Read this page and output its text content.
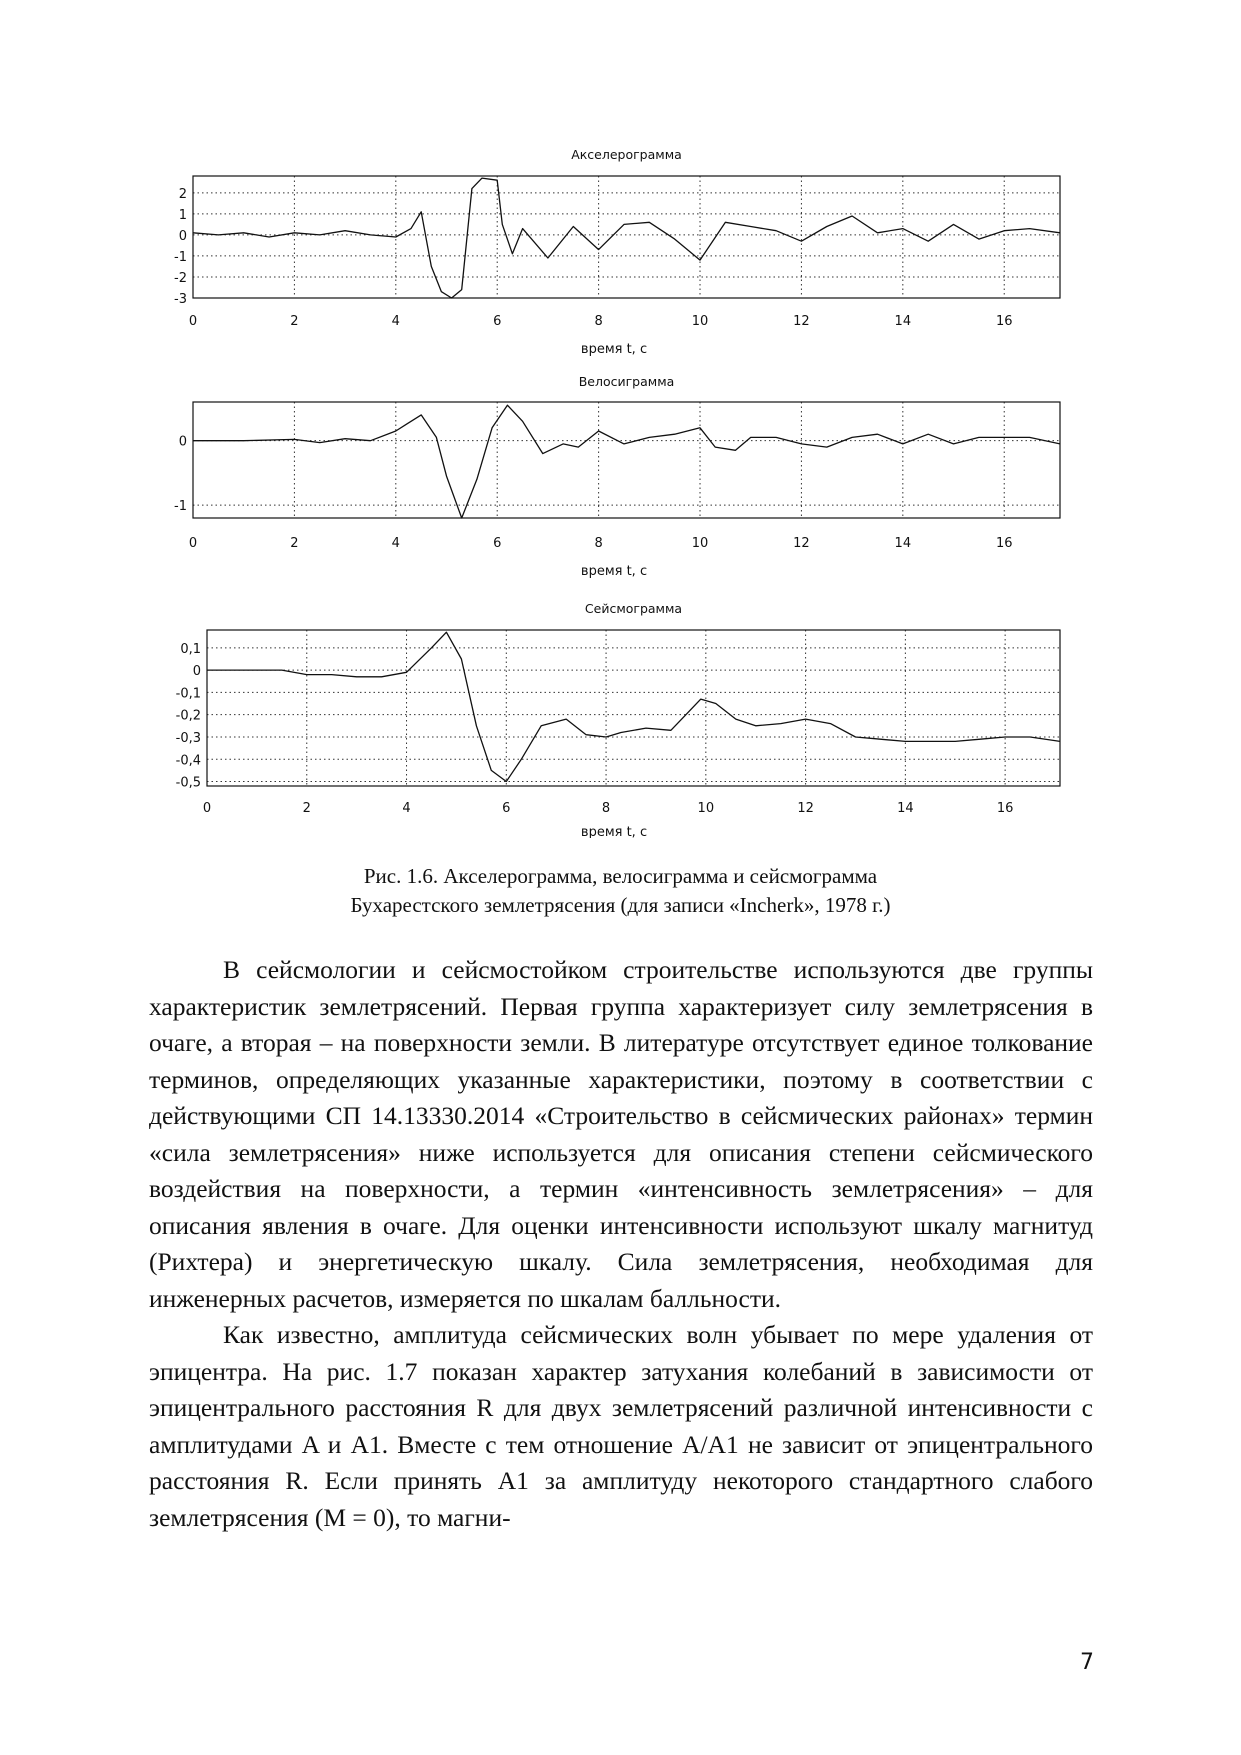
Акселерограмма
0	2	4	6	8	10	12	14	16
2
1
0
-1
-2
-3
время t, c
Велосиграмма
0	2	4	6	8	10	12	14	16
0
-1
время t, c
Сейсмограмма
0	2	4	6	8	10	12	14	16
0,1
0
-0,1
-0,2
-0,3
-0,4
-0,5
время t, c
Рис. 1.6. Акселерограмма, велосиграмма и сейсмограмма
Бухарестского землетрясения (для записи «Incherk», 1978 г.)

В сейсмологии и сейсмостойком строительстве используются две группы характеристик землетрясений. Первая группа характеризует силу землетрясения в очаге, а вторая – на поверхности земли. В литературе отсутствует единое толкование терминов, определяющих указанные характеристики, поэтому в соответствии с действующими СП 14.13330.2014 «Строительство в сейсмических районах» термин «сила землетрясения» ниже используется для описания степени сейсмического воздействия на поверхности, а термин «интенсивность землетрясения» – для описания явления в очаге. Для оценки интенсивности используют шкалу магнитуд (Рихтера) и энергетическую шкалу. Сила землетрясения, необходимая для инженерных расчетов, измеряется по шкалам балльности.

Как известно, амплитуда сейсмических волн убывает по мере удаления от эпицентра. На рис. 1.7 показан характер затухания колебаний в зависимости от эпицентрального расстояния R для двух землетрясений различной интенсивности с амплитудами A и A1. Вместе с тем отношение A/A1 не зависит от эпицентрального расстояния R. Если принять A1 за амплитуду некоторого стандартного слабого землетрясения (M = 0), то магни-

7
